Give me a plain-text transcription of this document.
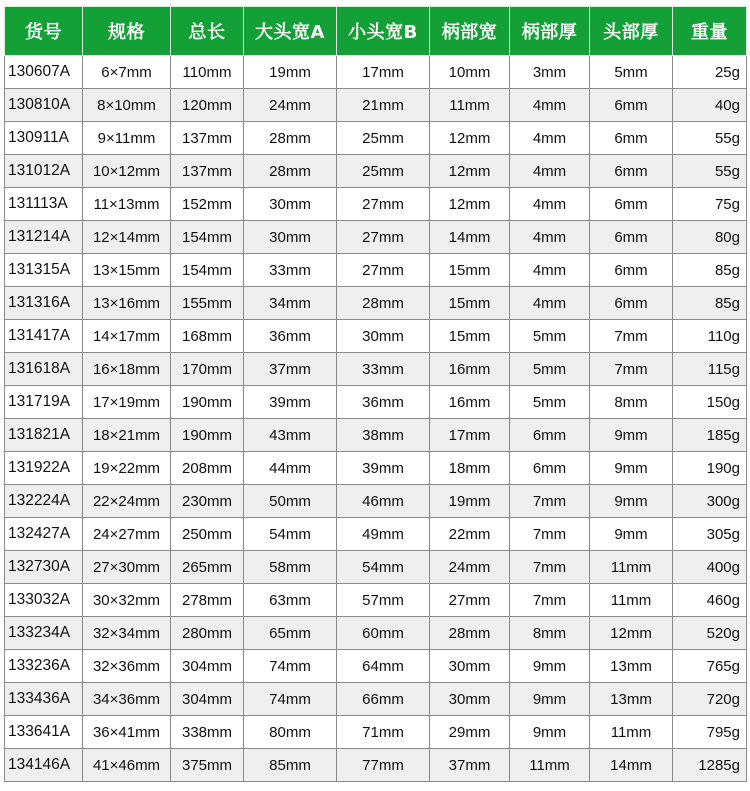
货号	规格	总长	大头宽A	小头宽B	柄部宽	柄部厚	头部厚	重量
130607A	6×7mm	110mm	19mm	17mm	10mm	3mm	5mm	25g
130810A	8×10mm	120mm	24mm	21mm	11mm	4mm	6mm	40g
130911A	9×11mm	137mm	28mm	25mm	12mm	4mm	6mm	55g
131012A	10×12mm	137mm	28mm	25mm	12mm	4mm	6mm	55g
131113A	11×13mm	152mm	30mm	27mm	12mm	4mm	6mm	75g
131214A	12×14mm	154mm	30mm	27mm	14mm	4mm	6mm	80g
131315A	13×15mm	154mm	33mm	27mm	15mm	4mm	6mm	85g
131316A	13×16mm	155mm	34mm	28mm	15mm	4mm	6mm	85g
131417A	14×17mm	168mm	36mm	30mm	15mm	5mm	7mm	110g
131618A	16×18mm	170mm	37mm	33mm	16mm	5mm	7mm	115g
131719A	17×19mm	190mm	39mm	36mm	16mm	5mm	8mm	150g
131821A	18×21mm	190mm	43mm	38mm	17mm	6mm	9mm	185g
131922A	19×22mm	208mm	44mm	39mm	18mm	6mm	9mm	190g
132224A	22×24mm	230mm	50mm	46mm	19mm	7mm	9mm	300g
132427A	24×27mm	250mm	54mm	49mm	22mm	7mm	9mm	305g
132730A	27×30mm	265mm	58mm	54mm	24mm	7mm	11mm	400g
133032A	30×32mm	278mm	63mm	57mm	27mm	7mm	11mm	460g
133234A	32×34mm	280mm	65mm	60mm	28mm	8mm	12mm	520g
133236A	32×36mm	304mm	74mm	64mm	30mm	9mm	13mm	765g
133436A	34×36mm	304mm	74mm	66mm	30mm	9mm	13mm	720g
133641A	36×41mm	338mm	80mm	71mm	29mm	9mm	11mm	795g
134146A	41×46mm	375mm	85mm	77mm	37mm	11mm	14mm	1285g
